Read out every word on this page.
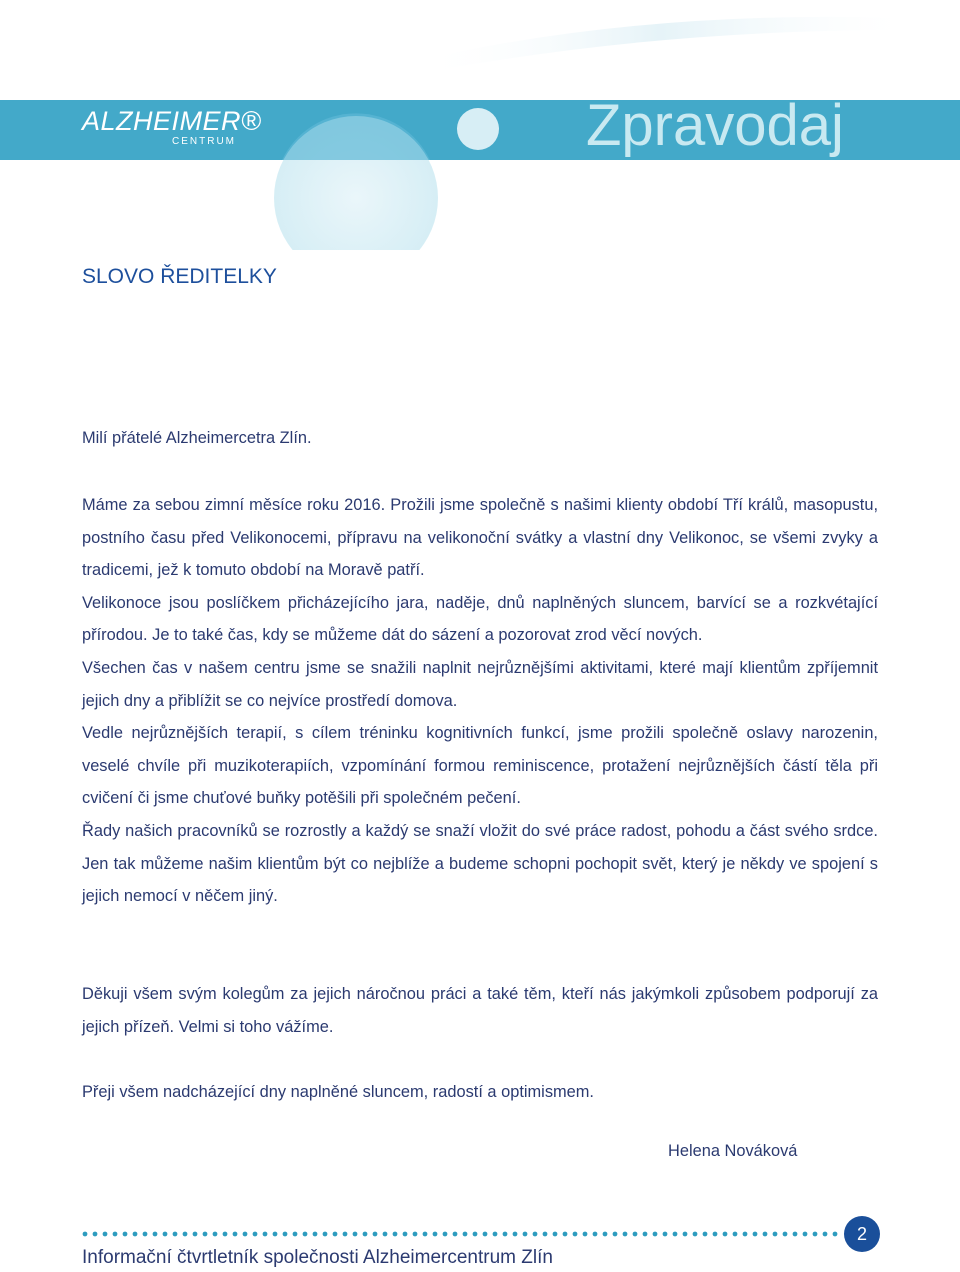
ALZHEIMER®
CENTRUM	Zpravodaj
SLOVO ŘEDITELKY

Milí přátelé Alzheimercetra Zlín.

Máme za sebou zimní měsíce roku 2016. Prožili jsme společně s našimi klienty období Tří králů, masopustu, postního času před Velikonocemi, přípravu na velikonoční svátky a vlastní dny Velikonoc, se všemi zvyky a tradicemi, jež k tomuto období na Moravě patří.

Velikonoce jsou poslíčkem přicházejícího jara, naděje, dnů naplněných sluncem, barvící se a rozkvétající přírodou. Je to také čas, kdy se můžeme dát do sázení a pozorovat zrod věcí nových.

Všechen čas v našem centru jsme se snažili naplnit nejrůznějšími aktivitami, které mají klientům zpříjemnit jejich dny a přiblížit se co nejvíce prostředí domova.

Vedle nejrůznějších terapií, s cílem tréninku kognitivních funkcí, jsme prožili společně oslavy narozenin, veselé chvíle při muzikoterapiích, vzpomínání formou reminiscence, protažení nejrůznějších částí těla při cvičení či jsme chuťové buňky potěšili při společném pečení.

Řady našich pracovníků se rozrostly a každý se snaží vložit do své práce radost, pohodu a část svého srdce. Jen tak můžeme našim klientům být co nejblíže a budeme schopni pochopit svět, který je někdy ve spojení s jejich nemocí v něčem jiný.

Děkuji všem svým kolegům za jejich náročnou práci a také těm, kteří nás jakýmkoli způsobem podporují za jejich přízeň. Velmi si toho vážíme.

Přeji všem nadcházející dny naplněné sluncem, radostí a optimismem.

Helena Nováková
2
Informační čtvrtletník společnosti Alzheimercentrum Zlín
